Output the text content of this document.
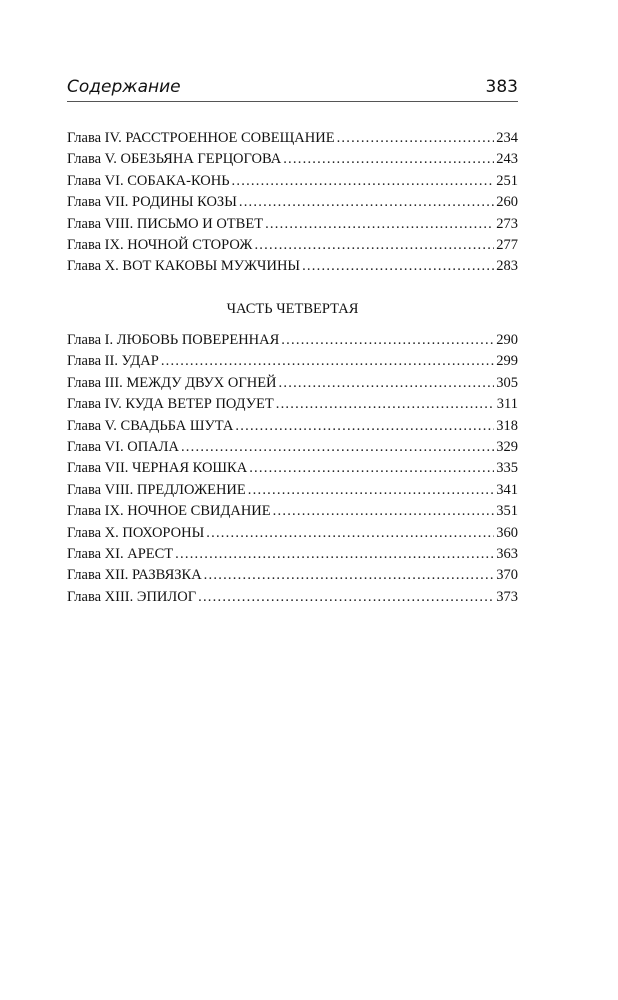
Содержание	383
Глава IV. РАССТРОЕННОЕ СОВЕЩАНИЕ . . .	234
Глава V. ОБЕЗЬЯНА ГЕРЦОГОВА . . .	243
Глава VI. СОБАКА-КОНЬ . . .	251
Глава VII. РОДИНЫ КОЗЫ . . .	260
Глава VIII. ПИСЬМО И ОТВЕТ . . .	273
Глава IX. НОЧНОЙ СТОРОЖ . . .	277
Глава X. ВОТ КАКОВЫ МУЖЧИНЫ . . .	283
ЧАСТЬ ЧЕТВЕРТАЯ
Глава I. ЛЮБОВЬ ПОВЕРЕННАЯ . . .	290
Глава II. УДАР . . .	299
Глава III. МЕЖДУ ДВУХ ОГНЕЙ . . .	305
Глава IV. КУДА ВЕТЕР ПОДУЕТ . . .	311
Глава V. СВАДЬБА ШУТА . . .	318
Глава VI. ОПАЛА . . .	329
Глава VII. ЧЕРНАЯ КОШКА . . .	335
Глава VIII. ПРЕДЛОЖЕНИЕ . . .	341
Глава IX. НОЧНОЕ СВИДАНИЕ . . .	351
Глава X. ПОХОРОНЫ . . .	360
Глава XI. АРЕСТ . . .	363
Глава XII. РАЗВЯЗКА . . .	370
Глава XIII. ЭПИЛОГ . . .	373
